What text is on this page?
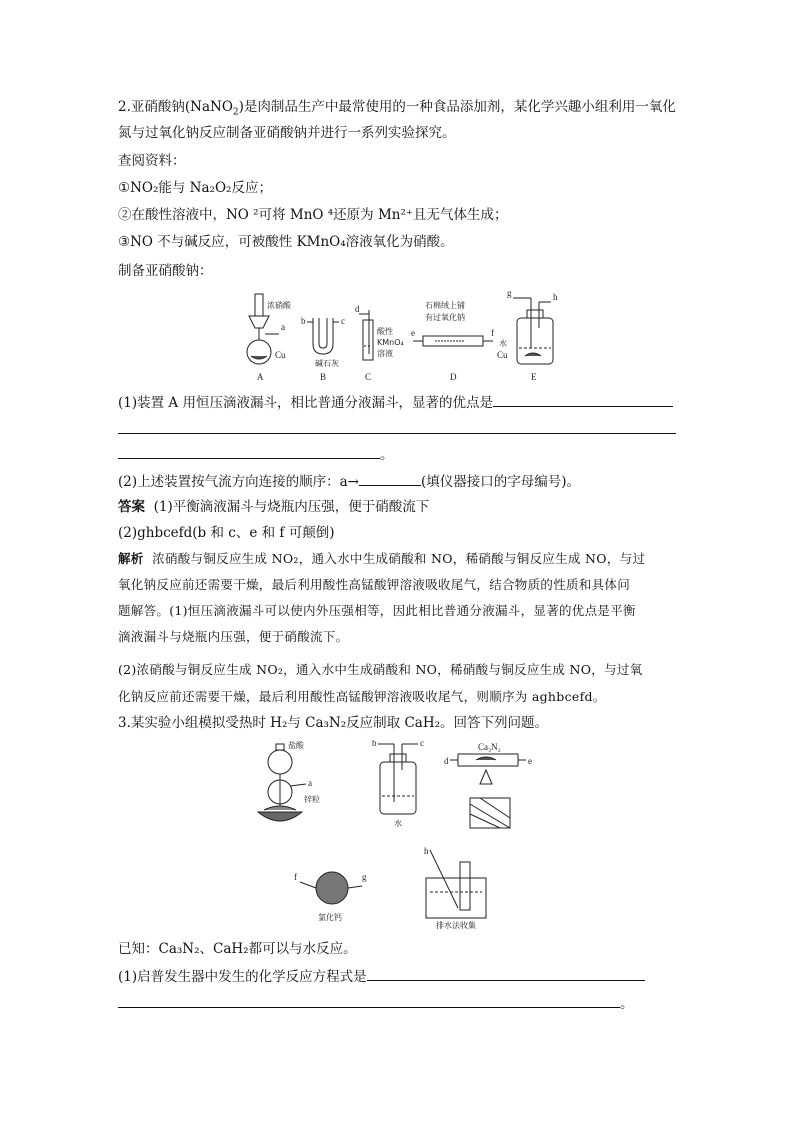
2.亚硝酸钠(NaNO$_2$)是肉制品生产中最常使用的一种食品添加剂，某化学兴趣小组利用一氧化
氮与过氧化钠反应制备亚硝酸钠并进行一系列实验探究。
查阅资料：
①NO₂能与 Na₂O₂反应；
②在酸性溶液中，NO ²可将 MnO ⁴还原为 Mn²⁺且无气体生成；
③NO 不与碱反应，可被酸性 KMnO₄溶液氧化为硝酸。
制备亚硝酸钠：
浓硝酸
a
Cu
A
b	c
碱石灰
B
d
酸性
KMnO₄
溶液
C
石棉绒上铺
有过氧化钠
e	f
D
g	h
水
Cu
E
(1)装置 A 用恒压滴液漏斗，相比普通分液漏斗，显著的优点是
。
(2)上述装置按气流方向连接的顺序：a→	(填仪器接口的字母编号)。
答案 (1)平衡滴液漏斗与烧瓶内压强，便于硝酸流下
(2)ghbcefd(b 和 c、e 和 f 可颠倒)
解析 浓硝酸与铜反应生成 NO₂，通入水中生成硝酸和 NO，稀硝酸与铜反应生成 NO，与过
氧化钠反应前还需要干燥，最后利用酸性高锰酸钾溶液吸收尾气，结合物质的性质和具体问
题解答。(1)恒压滴液漏斗可以使内外压强相等，因此相比普通分液漏斗，显著的优点是平衡
滴液漏斗与烧瓶内压强，便于硝酸流下。
(2)浓硝酸与铜反应生成 NO₂，通入水中生成硝酸和 NO，稀硝酸与铜反应生成 NO，与过氧
化钠反应前还需要干燥，最后利用酸性高锰酸钾溶液吸收尾气，则顺序为 aghbcefd。
3.某实验小组模拟受热时 H₂与 Ca₃N₂反应制取 CaH₂。回答下列问题。
盐酸
a
锌粒
b	c
水
Ca₃N₂
d	e
f	g
氯化钙
h
排水法收集
已知：Ca₃N₂、CaH₂都可以与水反应。
(1)启普发生器中发生的化学反应方程式是
。
